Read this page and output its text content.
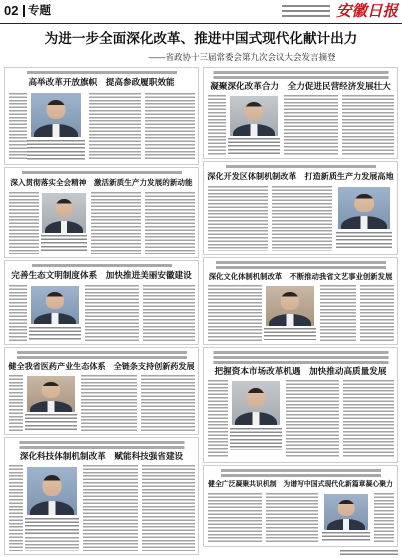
02 专题	安徽日报
为进一步全面深化改革、推进中国式现代化献计出力
——省政协十三届常委会第九次会议大会发言摘登
高举改革开放旗帜　提高参政履职效能
深入贯彻落实全会精神　激活新质生产力发展的新动能
完善生态文明制度体系　加快推进美丽安徽建设
健全我省医药产业生态体系　全链条支持创新药发展
深化科技体制机制改革　赋能科技强省建设
凝聚深化改革合力　全力促进民营经济发展壮大
深化开发区体制机制改革　打造新质生产力发展高地
深化文化体制机制改革　不断推动我省文艺事业创新发展
把握资本市场改革机遇　加快推动高质量发展
健全广泛凝聚共识机制　为谱写中国式现代化新篇章凝心聚力
